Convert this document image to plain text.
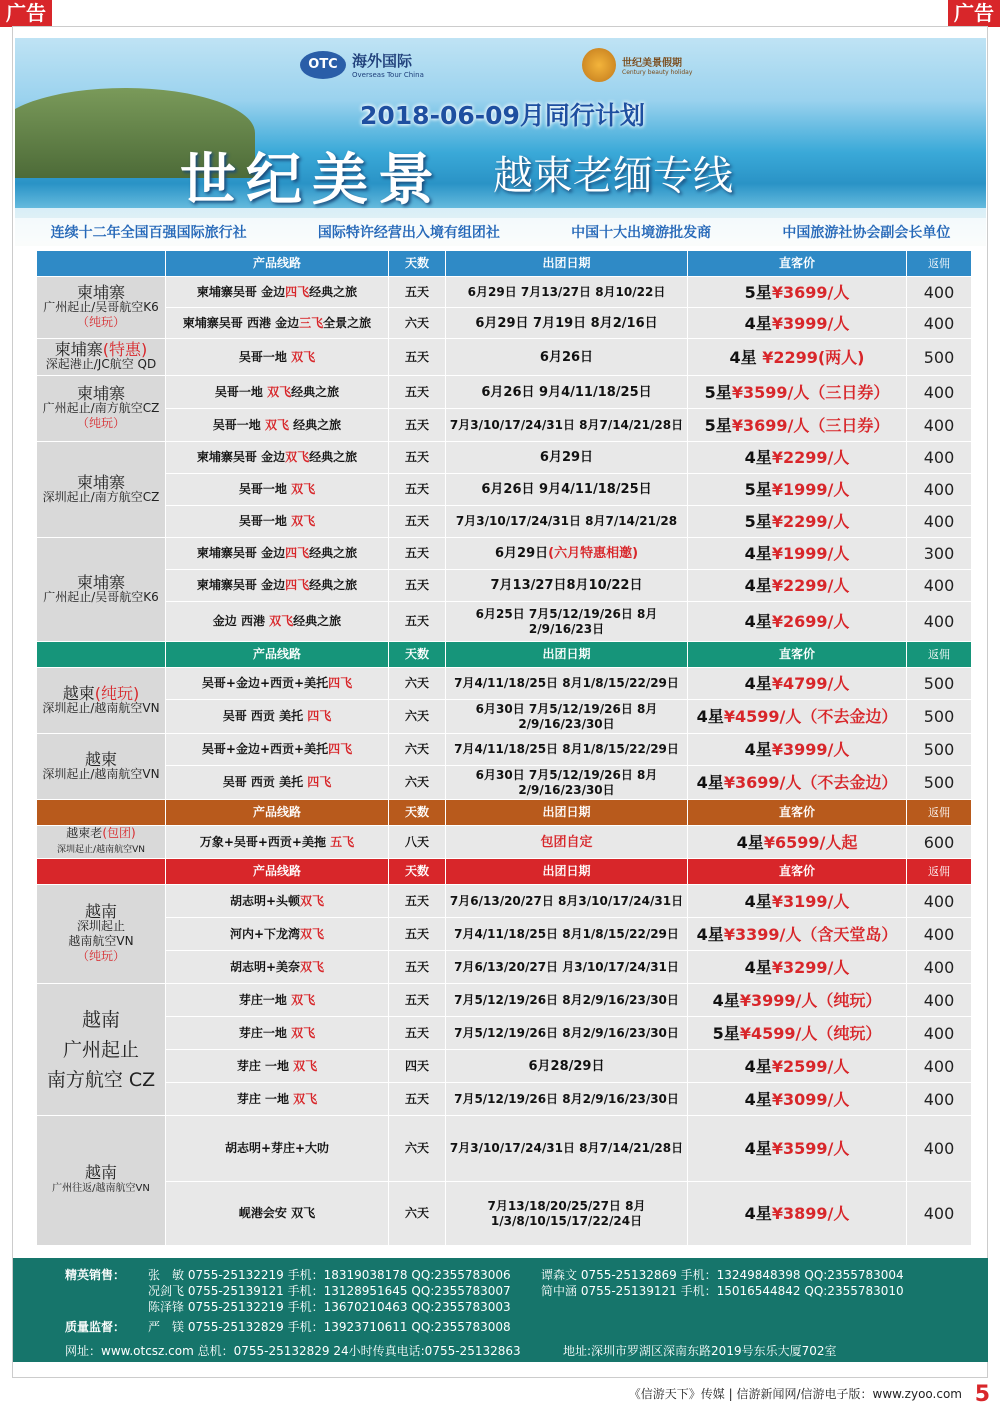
广告	广告
OTC 海外国际
Overseas Tour China
世纪美景假期
Century beauty holiday
2018-06-09月同行计划
世纪美景 越柬老缅专线
连续十二年全国百强国际旅行社	国际特许经营出入境有组团社	中国十大出境游批发商	中国旅游社协会副会长单位
	产品线路	天数	出团日期	直客价	返佣

柬埔寨
广州起止/吴哥航空K6
（纯玩）	柬埔寨吴哥 金边四飞经典之旅	五天	6月29日 7月13/27日 8月10/22日	5星¥3699/人	400
	柬埔寨吴哥 西港 金边三飞全景之旅	六天	6月29日 7月19日 8月2/16日	4星¥3999/人	400

柬埔寨(特惠)
深起港止/JC航空 QD	吴哥一地 双飞	五天	6月26日	4星 ¥2299(两人)	500

柬埔寨
广州起止/南方航空CZ
（纯玩）	吴哥一地 双飞经典之旅	五天	6月26日 9月4/11/18/25日	5星¥3599/人（三日券）	400
	吴哥一地 双飞 经典之旅	五天	7月3/10/17/24/31日 8月7/14/21/28日	5星¥3699/人（三日券）	400

柬埔寨
深圳起止/南方航空CZ	柬埔寨吴哥 金边双飞经典之旅	五天	6月29日	4星¥2299/人	400
	吴哥一地 双飞	五天	6月26日 9月4/11/18/25日	5星¥1999/人	400
	吴哥一地 双飞	五天	7月3/10/17/24/31日 8月7/14/21/28	5星¥2299/人	400

柬埔寨
广州起止/吴哥航空K6	柬埔寨吴哥 金边四飞经典之旅	五天	6月29日(六月特惠相邀)	4星¥1999/人	300
	柬埔寨吴哥 金边四飞经典之旅	五天	7月13/27日8月10/22日	4星¥2299/人	400
	金边 西港 双飞经典之旅	五天	6月25日 7月5/12/19/26日 8月2/9/16/23日	4星¥2699/人	400
	产品线路	天数	出团日期	直客价	返佣

越柬(纯玩)
深圳起止/越南航空VN	吴哥+金边+西贡+美托四飞	六天	7月4/11/18/25日 8月1/8/15/22/29日	4星¥4799/人	500
	吴哥 西贡 美托 四飞	六天	6月30日 7月5/12/19/26日 8月2/9/16/23/30日	4星¥4599/人（不去金边）	500

越柬
深圳起止/越南航空VN	吴哥+金边+西贡+美托四飞	六天	7月4/11/18/25日 8月1/8/15/22/29日	4星¥3999/人	500
	吴哥 西贡 美托 四飞	六天	6月30日 7月5/12/19/26日 8月2/9/16/23/30日	4星¥3699/人（不去金边）	500
	产品线路	天数	出团日期	直客价	返佣
越柬老(包团)
深圳起止/越南航空VN	万象+吴哥+西贡+美拖 五飞	八天	包团自定	4星¥6599/人起	600
	产品线路	天数	出团日期	直客价	返佣

越南
深圳起止
越南航空VN
（纯玩）	胡志明+头顿双飞	五天	7月6/13/20/27日 8月3/10/17/24/31日	4星¥3199/人	400
	河内+下龙湾双飞	五天	7月4/11/18/25日 8月1/8/15/22/29日	4星¥3399/人（含天堂岛）	400
	胡志明+美奈双飞	五天	7月6/13/20/27日 月3/10/17/24/31日	4星¥3299/人	400

越南
广州起止
南方航空 CZ	芽庄一地 双飞	五天	7月5/12/19/26日 8月2/9/16/23/30日	4星¥3999/人（纯玩）	400
	芽庄一地 双飞	五天	7月5/12/19/26日 8月2/9/16/23/30日	5星¥4599/人（纯玩）	400
	芽庄 一地 双飞	四天	6月28/29日	4星¥2599/人	400
	芽庄 一地 双飞	五天	7月5/12/19/26日 8月2/9/16/23/30日	4星¥3099/人	400

越南
广州往返/越南航空VN	胡志明+芽庄+大叻	六天	7月3/10/17/24/31日 8月7/14/21/28日	4星¥3599/人	400
	岘港会安 双飞	六天	7月13/18/20/25/27日 8月1/3/8/10/15/17/22/24日	4星¥3899/人	400
精英销售： 张　敏 0755-25132219 手机：18319038178 QQ:2355783006
况剑飞 0755-25139121 手机：13128951645 QQ:2355783007
陈泽锋 0755-25132219 手机：13670210463 QQ:2355783003
谭森文 0755-25132869 手机：13249848398 QQ:2355783004
简中涵 0755-25139121 手机：15016544842 QQ:2355783010
质量监督： 严　镁 0755-25132829 手机：13923710611 QQ:2355783008
网址：www.otcsz.com 总机：0755-25132829 24小时传真电话:0755-25132863	地址:深圳市罗湖区深南东路2019号东乐大厦702室
《信游天下》传媒 | 信游新闻网/信游电子版：www.zyoo.com 5
